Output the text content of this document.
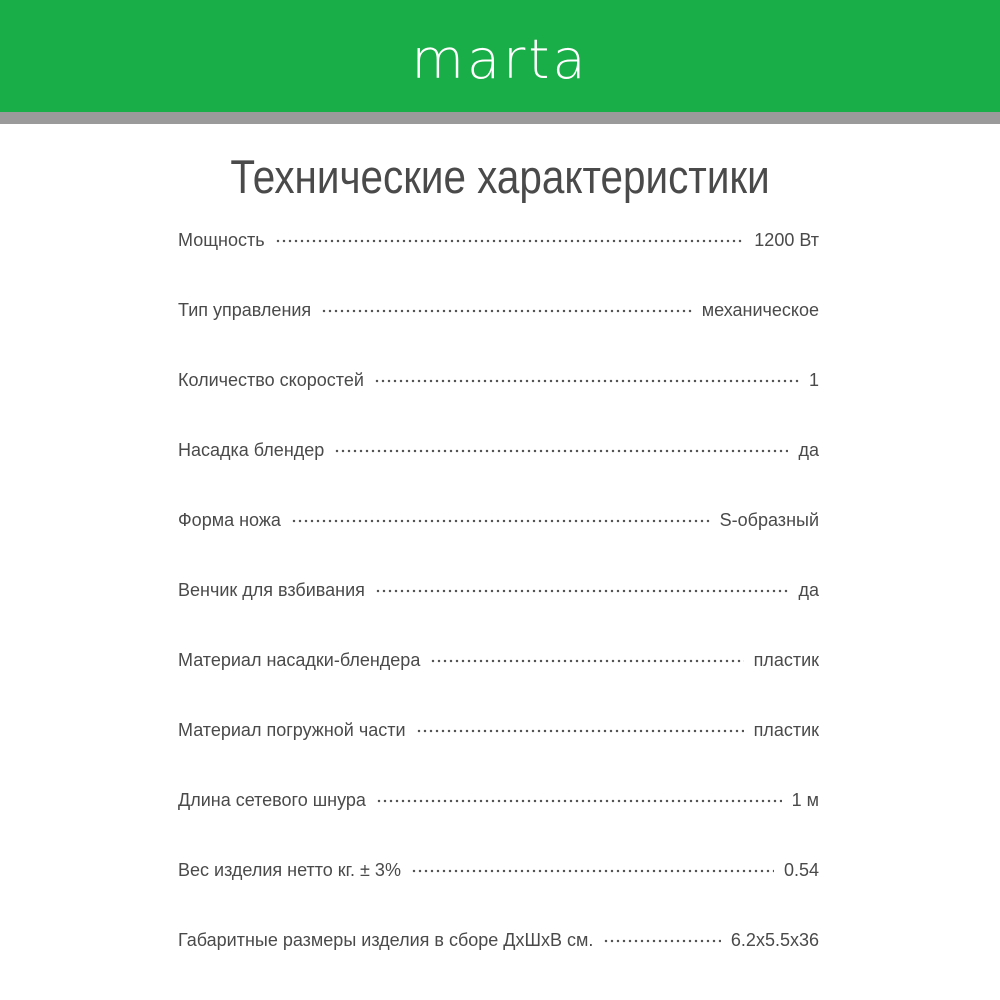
marta
Технические характеристики
Мощность	1200 Вт
Тип управления	механическое
Количество скоростей	1
Насадка блендер	да
Форма ножа	S-образный
Венчик для взбивания	да
Материал насадки-блендера	пластик
Материал погружной части	пластик
Длина сетевого шнура	1 м
Вес изделия нетто кг. ± 3%	0.54
Габаритные размеры изделия в сборе ДхШхВ см.	6.2х5.5х36
